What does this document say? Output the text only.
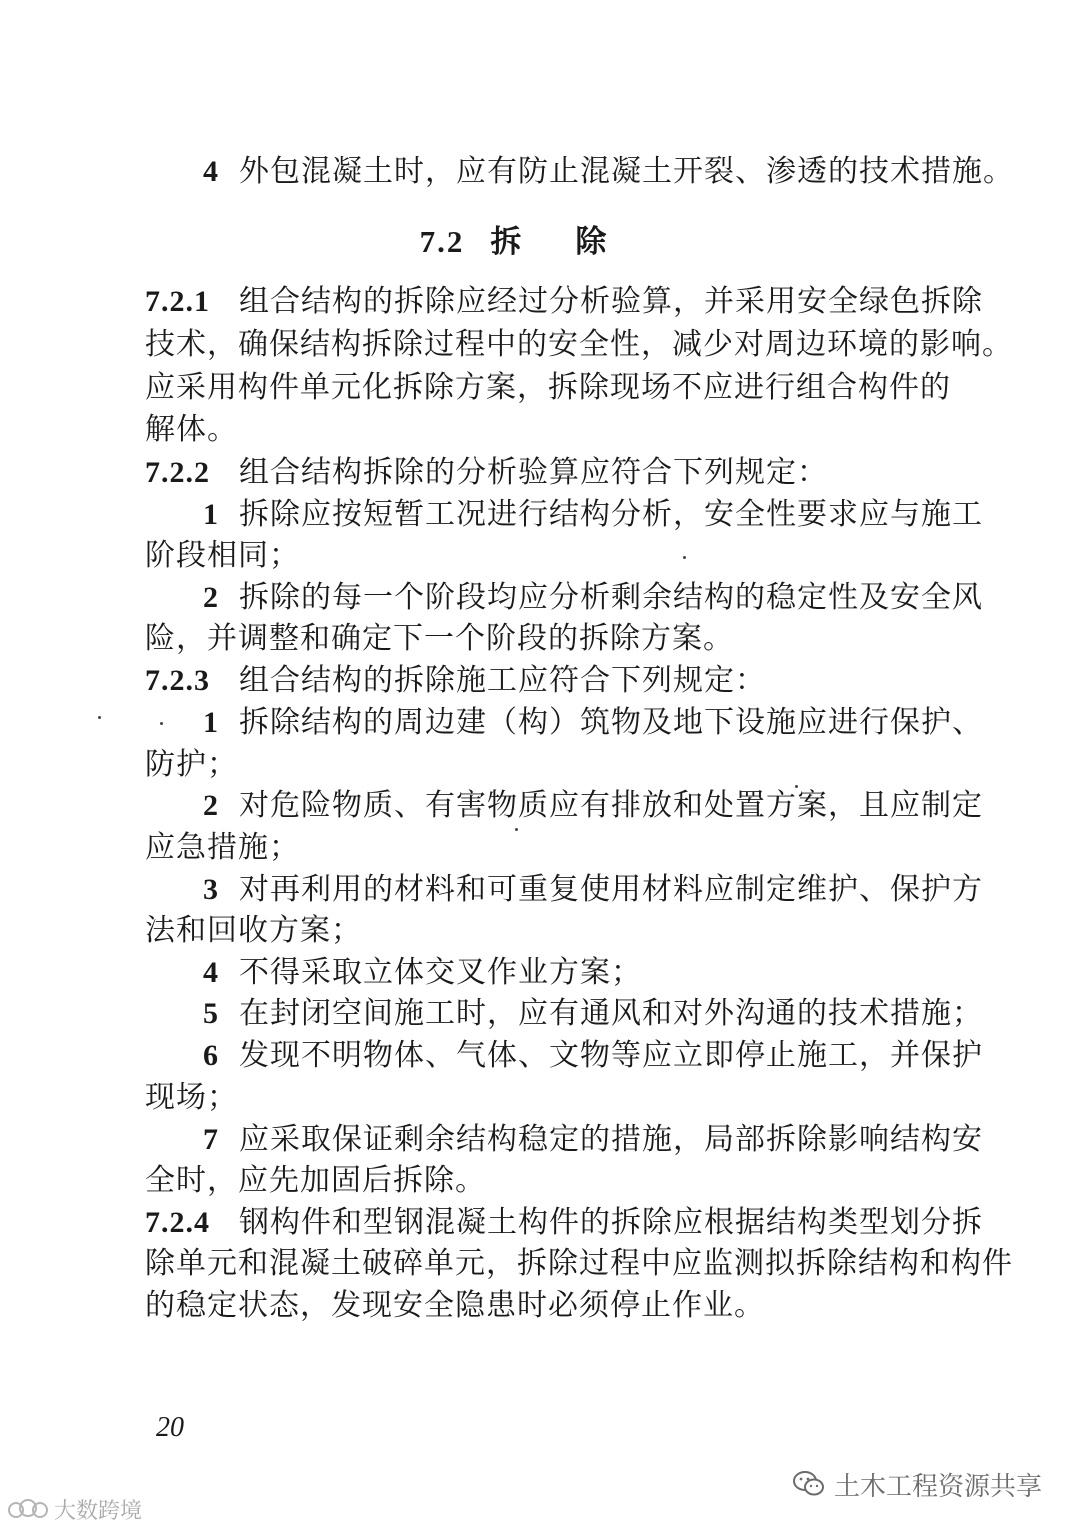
4 外包混凝土时，应有防止混凝土开裂、渗透的技术措施。
7.2 拆除
7.2.1 组合结构的拆除应经过分析验算，并采用安全绿色拆除
技术，确保结构拆除过程中的安全性，减少对周边环境的影响。
应采用构件单元化拆除方案，拆除现场不应进行组合构件的
解体。
7.2.2 组合结构拆除的分析验算应符合下列规定：
1 拆除应按短暂工况进行结构分析，安全性要求应与施工
阶段相同；
2 拆除的每一个阶段均应分析剩余结构的稳定性及安全风
险，并调整和确定下一个阶段的拆除方案。
7.2.3 组合结构的拆除施工应符合下列规定：
1 拆除结构的周边建（构）筑物及地下设施应进行保护、
防护；
2 对危险物质、有害物质应有排放和处置方案，且应制定
应急措施；
3 对再利用的材料和可重复使用材料应制定维护、保护方
法和回收方案；
4 不得采取立体交叉作业方案；
5 在封闭空间施工时，应有通风和对外沟通的技术措施；
6 发现不明物体、气体、文物等应立即停止施工，并保护
现场；
7 应采取保证剩余结构稳定的措施，局部拆除影响结构安
全时，应先加固后拆除。
7.2.4 钢构件和型钢混凝土构件的拆除应根据结构类型划分拆
除单元和混凝土破碎单元，拆除过程中应监测拟拆除结构和构件
的稳定状态，发现安全隐患时必须停止作业。
20
土木工程资源共享
大数跨境
